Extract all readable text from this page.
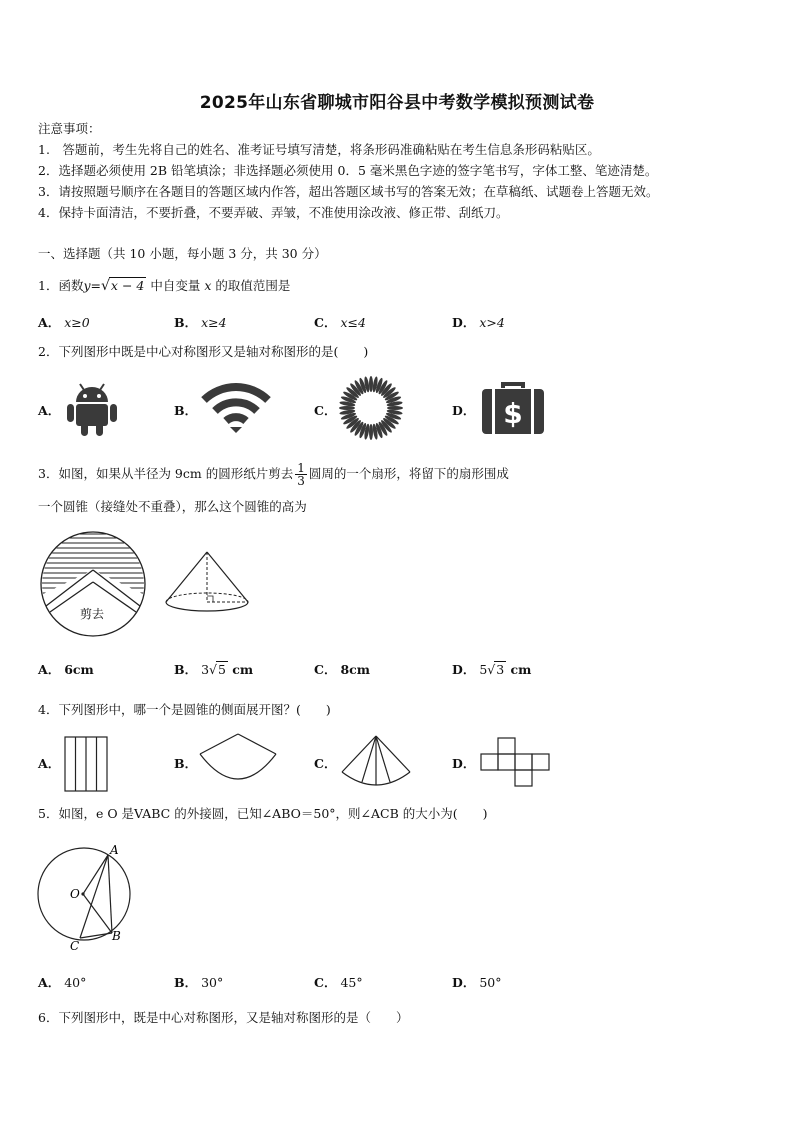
2025年山东省聊城市阳谷县中考数学模拟预测试卷
注意事项：
1.　答题前，考生先将自己的姓名、准考证号填写清楚，将条形码准确粘贴在考生信息条形码粘贴区。
2．选择题必须使用 2B 铅笔填涂；非选择题必须使用 0．5 毫米黑色字迹的签字笔书写，字体工整、笔迹清楚。
3．请按照题号顺序在各题目的答题区域内作答，超出答题区域书写的答案无效；在草稿纸、试题卷上答题无效。
4．保持卡面清洁，不要折叠，不要弄破、弄皱，不准使用涂改液、修正带、刮纸刀。
一、选择题（共 10 小题，每小题 3 分，共 30 分）
1．函数y=√x − 4 中自变量 x 的取值范围是
A． x≥0	B． x≥4	C． x≤4	D． x>4
2．下列图形中既是中心对称图形又是轴对称图形的是(　　)
A．	B．	C．	D． $
3．如图，如果从半径为 9cm 的圆形纸片剪去 $\frac{1}{3}$ 圆周的一个扇形，将留下的扇形围成
一个圆锥（接缝处不重叠），那么这个圆锥的高为
剪去
A． 6cm	B． 3√5 cm	C． 8cm	D． 5√3 cm
4．下列图形中，哪一个是圆锥的侧面展开图？(　　)
A．	B．	C．	D．
5．如图，e O 是VABC 的外接圆，已知∠ABO＝50°，则∠ACB 的大小为(　　)
A
O
B
C
A． 40°	B． 30°	C． 45°	D． 50°
6．下列图形中，既是中心对称图形，又是轴对称图形的是（　　）
